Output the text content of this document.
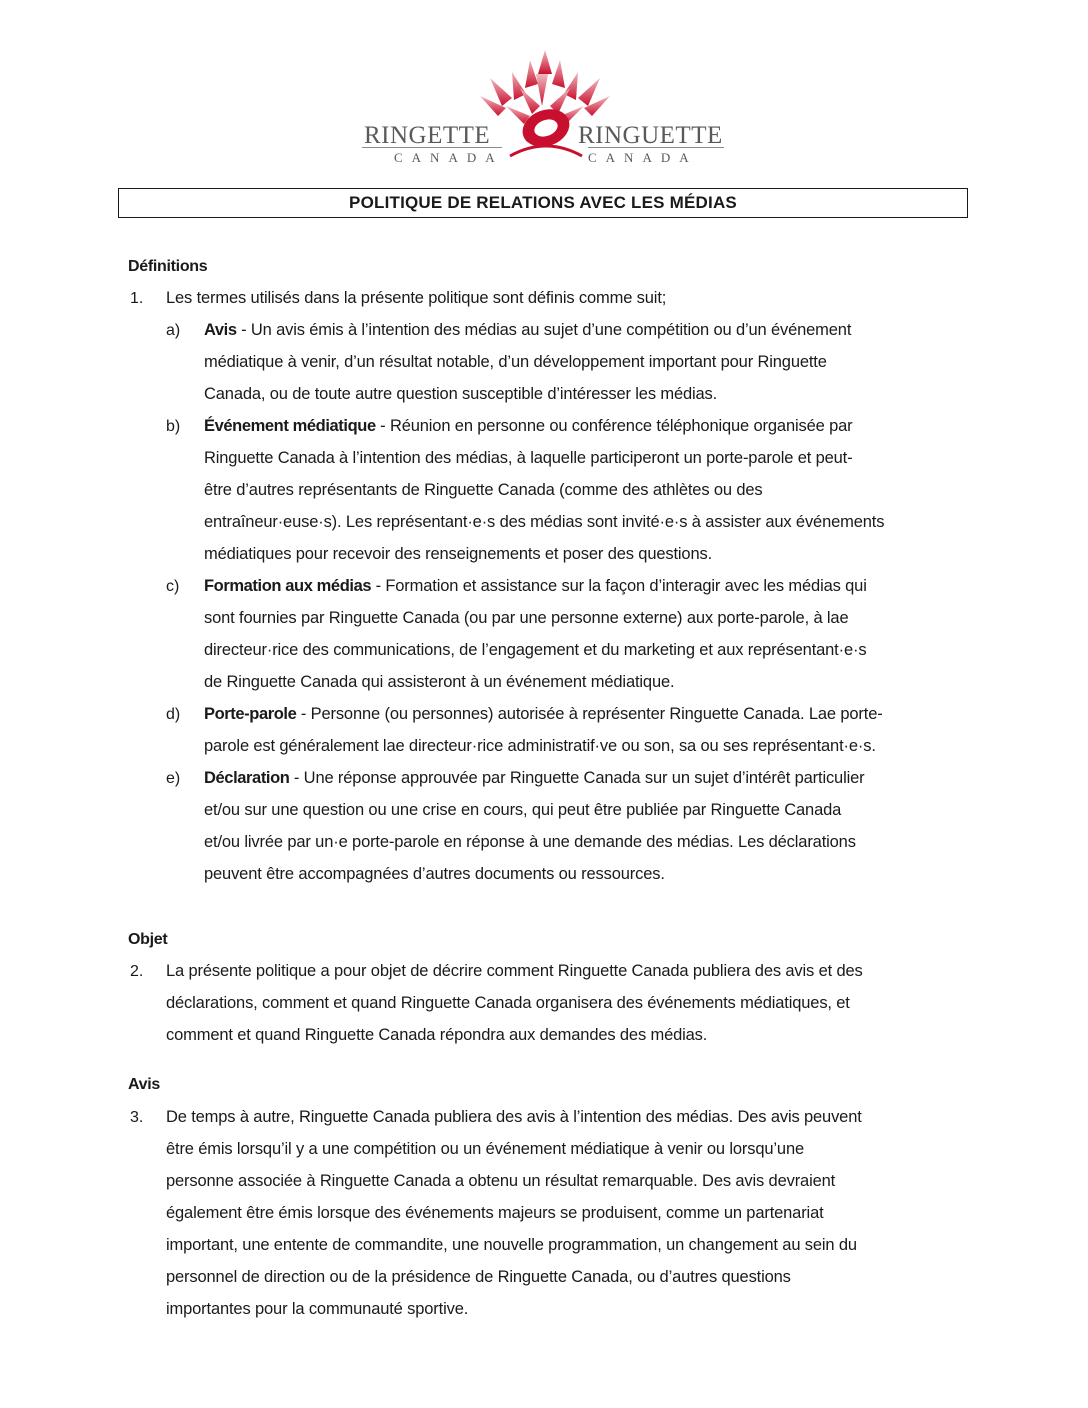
RINGETTE
CANADA
RINGUETTE
CANADA
POLITIQUE DE RELATIONS AVEC LES MÉDIAS
Définitions
1. Les termes utilisés dans la présente politique sont définis comme suit;
a) Avis - Un avis émis à l’intention des médias au sujet d’une compétition ou d’un événement
médiatique à venir, d’un résultat notable, d’un développement important pour Ringuette
Canada, ou de toute autre question susceptible d’intéresser les médias.
b) Événement médiatique - Réunion en personne ou conférence téléphonique organisée par
Ringuette Canada à l’intention des médias, à laquelle participeront un porte-parole et peut-
être d’autres représentants de Ringuette Canada (comme des athlètes ou des
entraîneur·euse·s). Les représentant·e·s des médias sont invité·e·s à assister aux événements
médiatiques pour recevoir des renseignements et poser des questions.
c) Formation aux médias - Formation et assistance sur la façon d’interagir avec les médias qui
sont fournies par Ringuette Canada (ou par une personne externe) aux porte-parole, à lae
directeur·rice des communications, de l’engagement et du marketing et aux représentant·e·s
de Ringuette Canada qui assisteront à un événement médiatique.
d) Porte-parole - Personne (ou personnes) autorisée à représenter Ringuette Canada. Lae porte-
parole est généralement lae directeur·rice administratif·ve ou son, sa ou ses représentant·e·s.
e) Déclaration - Une réponse approuvée par Ringuette Canada sur un sujet d’intérêt particulier
et/ou sur une question ou une crise en cours, qui peut être publiée par Ringuette Canada
et/ou livrée par un·e porte-parole en réponse à une demande des médias. Les déclarations
peuvent être accompagnées d’autres documents ou ressources.
Objet
2. La présente politique a pour objet de décrire comment Ringuette Canada publiera des avis et des
déclarations, comment et quand Ringuette Canada organisera des événements médiatiques, et
comment et quand Ringuette Canada répondra aux demandes des médias.
Avis
3. De temps à autre, Ringuette Canada publiera des avis à l’intention des médias. Des avis peuvent
être émis lorsqu’il y a une compétition ou un événement médiatique à venir ou lorsqu’une
personne associée à Ringuette Canada a obtenu un résultat remarquable. Des avis devraient
également être émis lorsque des événements majeurs se produisent, comme un partenariat
important, une entente de commandite, une nouvelle programmation, un changement au sein du
personnel de direction ou de la présidence de Ringuette Canada, ou d’autres questions
importantes pour la communauté sportive.
